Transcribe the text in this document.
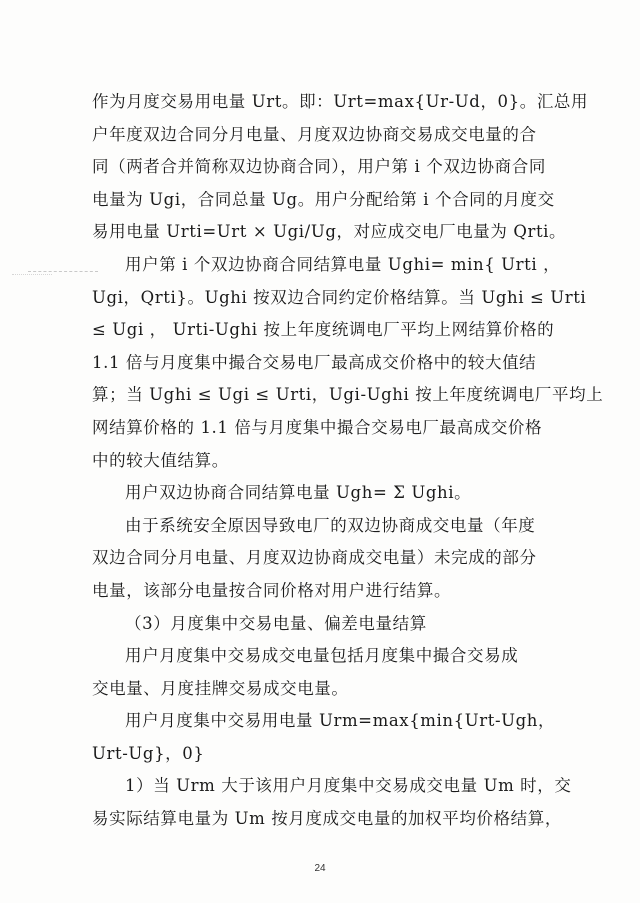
作为月度交易用电量 Urt。即：Urt=max{Ur-Ud，0}。汇总用
户年度双边合同分月电量、月度双边协商交易成交电量的合
同（两者合并简称双边协商合同），用户第 i 个双边协商合同
电量为 Ugi，合同总量 Ug。用户分配给第 i 个合同的月度交
易用电量 Urti=Urt × Ugi/Ug，对应成交电厂电量为 Qrti。

用户第 i 个双边协商合同结算电量 Ughi= min{ Urti ，
Ugi，Qrti}。Ughi 按双边合同约定价格结算。当 Ughi ≤ Urti
≤ Ugi ， Urti-Ughi 按上年度统调电厂平均上网结算价格的
1.1 倍与月度集中撮合交易电厂最高成交价格中的较大值结
算；当 Ughi ≤ Ugi ≤ Urti，Ugi-Ughi 按上年度统调电厂平均上
网结算价格的 1.1 倍与月度集中撮合交易电厂最高成交价格
中的较大值结算。

用户双边协商合同结算电量 Ugh= Σ Ughi。

由于系统安全原因导致电厂的双边协商成交电量（年度
双边合同分月电量、月度双边协商成交电量）未完成的部分
电量，该部分电量按合同价格对用户进行结算。

（3）月度集中交易电量、偏差电量结算

用户月度集中交易成交电量包括月度集中撮合交易成
交电量、月度挂牌交易成交电量。

用户月度集中交易用电量 Urm=max{min{Urt-Ugh，
Urt-Ug}，0}

1）当 Urm 大于该用户月度集中交易成交电量 Um 时，交
易实际结算电量为 Um 按月度成交电量的加权平均价格结算，

24
